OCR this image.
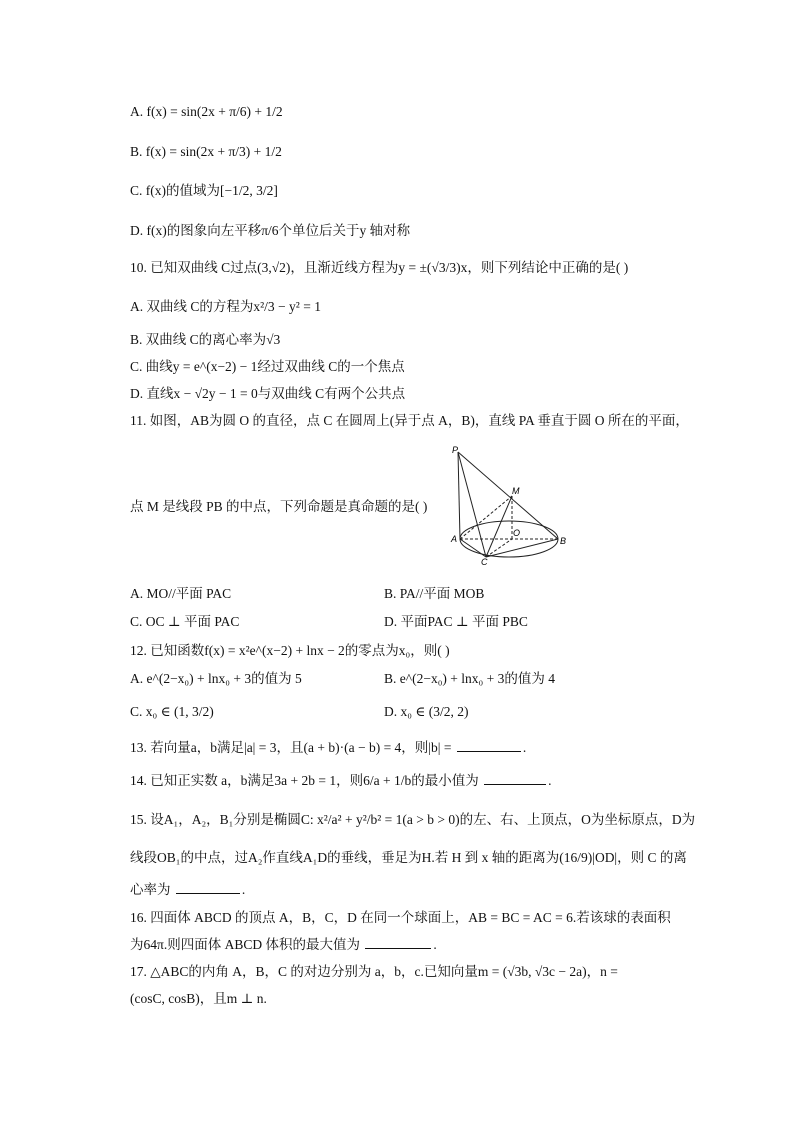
A. f(x) = sin(2x + π/6) + 1/2
B. f(x) = sin(2x + π/3) + 1/2
C. f(x)的值域为[−1/2, 3/2]
D. f(x)的图象向左平移π/6个单位后关于y 轴对称
10. 已知双曲线 C过点(3,√2)，且渐近线方程为y = ±(√3/3)x，则下列结论中正确的是( )
A. 双曲线 C的方程为x²/3 − y² = 1
B. 双曲线 C的离心率为√3
C. 曲线y = e^(x−2) − 1经过双曲线 C的一个焦点
D. 直线x − √2y − 1 = 0与双曲线 C有两个公共点
11. 如图，AB为圆 O 的直径，点 C 在圆周上(异于点 A，B)，直线 PA 垂直于圆 O 所在的平面，
点 M 是线段 PB 的中点，下列命题是真命题的是( )
P
M
O
A	B
C
A. MO//平面 PAC	B. PA//平面 MOB
C. OC ⊥ 平面 PAC	D. 平面PAC ⊥ 平面 PBC
12. 已知函数f(x) = x²e^(x−2) + lnx − 2的零点为x₀，则( )
A. e^(2−x₀) + lnx₀ + 3的值为 5	B. e^(2−x₀) + lnx₀ + 3的值为 4
C. x₀ ∈ (1, 3/2)	D. x₀ ∈ (3/2, 2)
13. 若向量a，b满足|a| = 3，且(a + b)·(a − b) = 4，则|b| =	.
14. 已知正实数 a，b满足3a + 2b = 1，则6/a + 1/b的最小值为	.
15. 设A₁，A₂，B₁分别是椭圆C: x²/a² + y²/b² = 1(a > b > 0)的左、右、上顶点，O为坐标原点，D为
线段OB₁的中点，过A₂作直线A₁D的垂线，垂足为H.若 H 到 x 轴的距离为(16/9)|OD|，则 C 的离
心率为	.
16. 四面体 ABCD 的顶点 A，B，C，D 在同一个球面上，AB = BC = AC = 6.若该球的表面积
为64π.则四面体 ABCD 体积的最大值为	.
17. △ABC的内角 A，B，C 的对边分别为 a，b，c.已知向量m = (√3b, √3c − 2a)，n =
(cosC, cosB)，且m ⊥ n.
